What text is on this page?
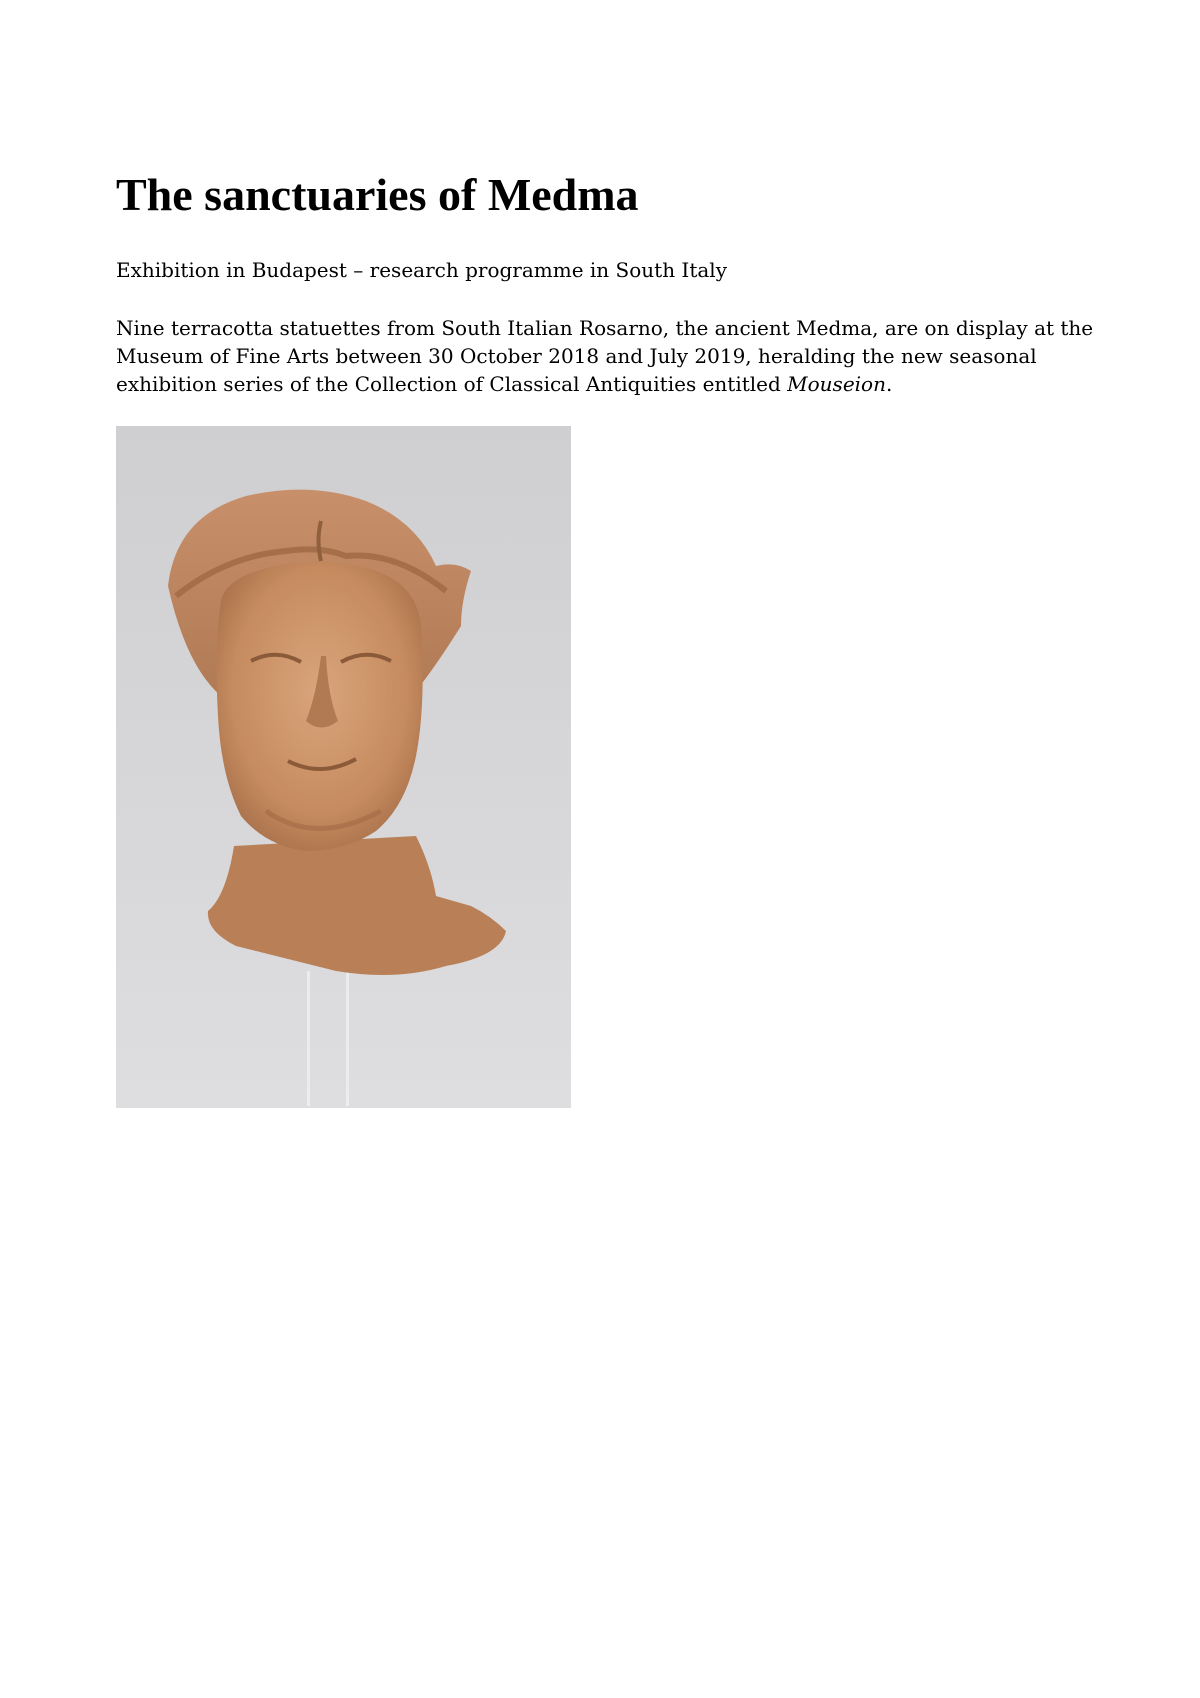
The sanctuaries of Medma

Exhibition in Budapest – research programme in South Italy

Nine terracotta statuettes from South Italian Rosarno, the ancient Medma, are on display at the Museum of Fine Arts between 30 October 2018 and July 2019, heralding the new seasonal exhibition series of the Collection of Classical Antiquities entitled Mouseion.
